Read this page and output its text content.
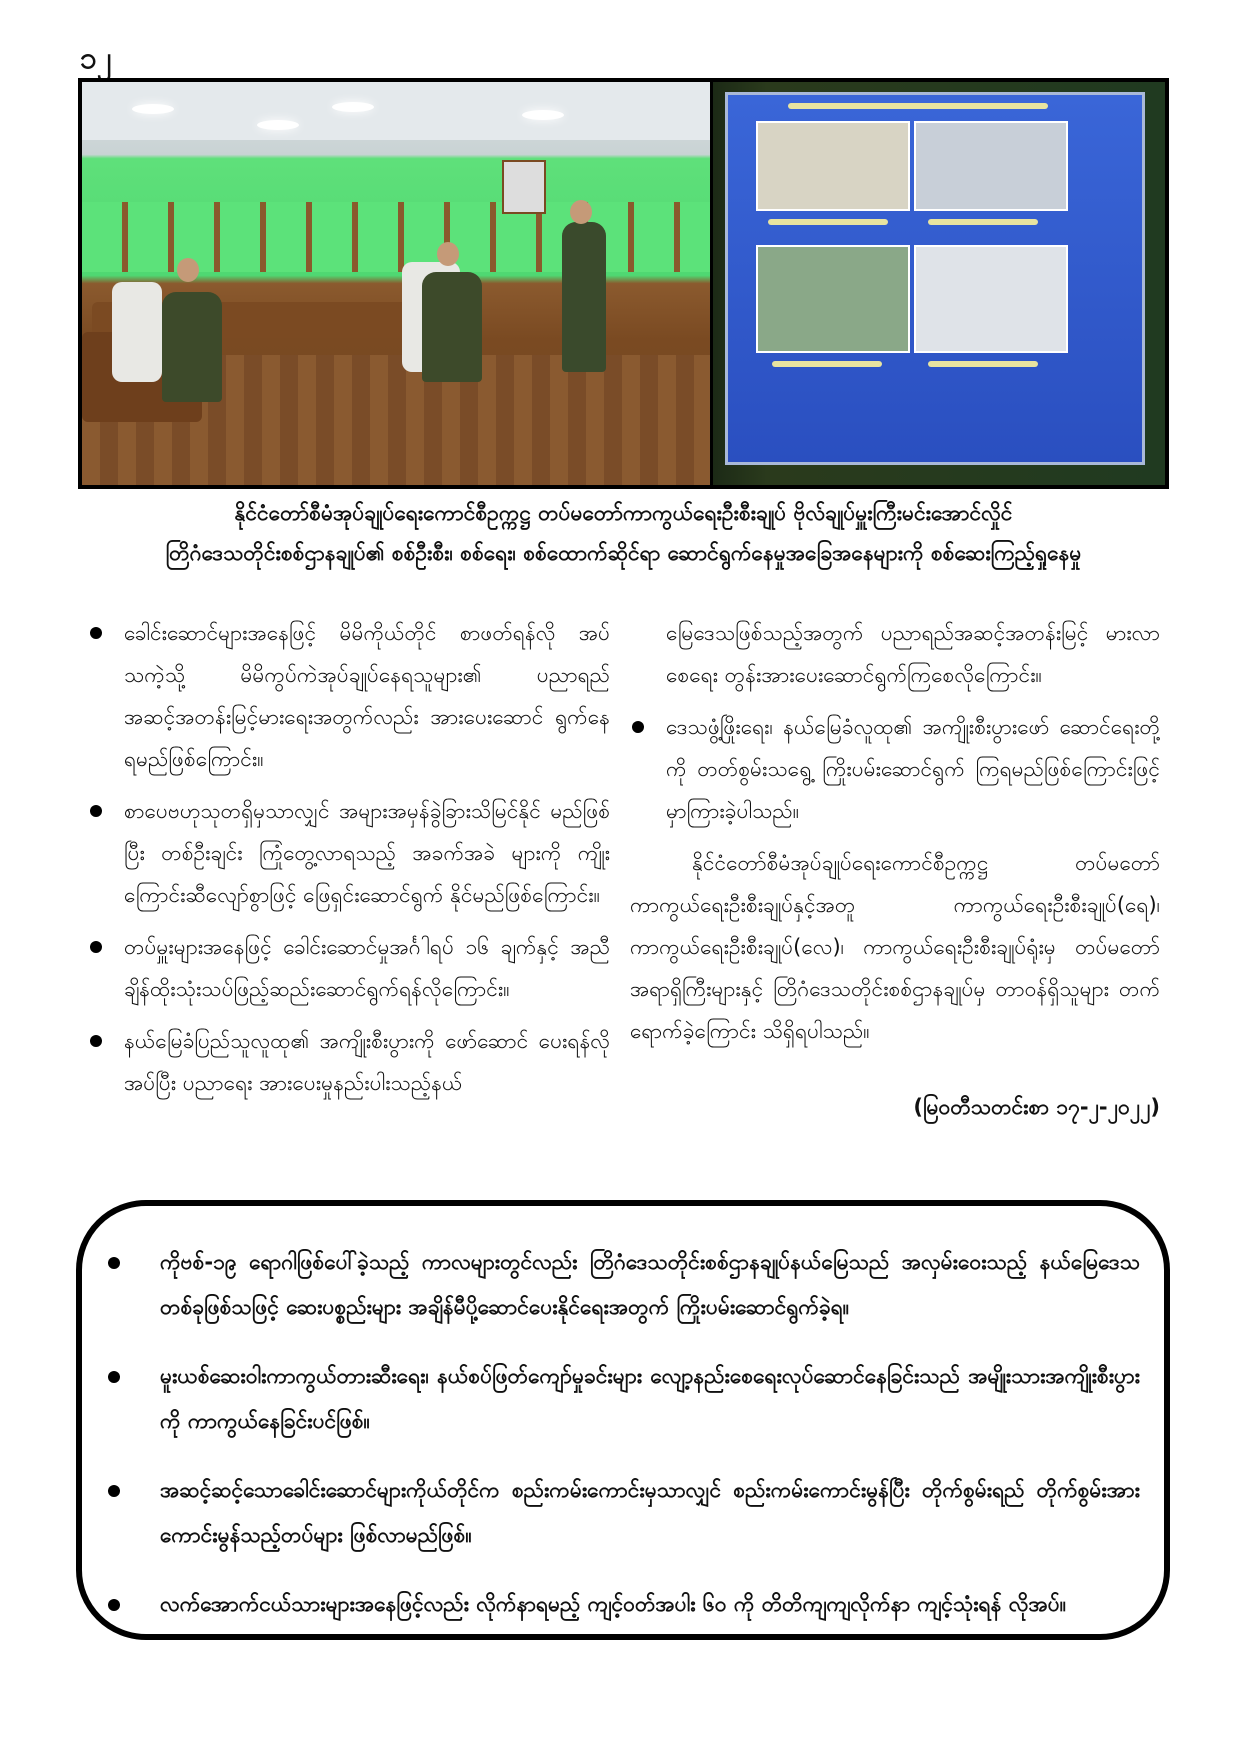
၁၂
နိုင်ငံတော်စီမံအုပ်ချုပ်ရေးကောင်စီဥက္ကဋ္ဌ တပ်မတော်ကာကွယ်ရေးဦးစီးချုပ် ဗိုလ်ချုပ်မှူးကြီးမင်းအောင်လှိုင်
တြိဂံဒေသတိုင်းစစ်ဌာနချုပ်၏ စစ်ဦးစီး၊ စစ်ရေး၊ စစ်ထောက်ဆိုင်ရာ ဆောင်ရွက်နေမှုအခြေအနေများကို စစ်ဆေးကြည့်ရှုနေမှု
ခေါင်းဆောင်များအနေဖြင့် မိမိကိုယ်တိုင် စာဖတ်ရန်လို အပ်သကဲ့သို့ မိမိကွပ်ကဲအုပ်ချုပ်နေရသူများ၏ ပညာရည် အဆင့်အတန်းမြင့်မားရေးအတွက်လည်း အားပေးဆောင် ရွက်နေရမည်ဖြစ်ကြောင်း။
စာပေဗဟုသုတရှိမှသာလျှင် အများအမှန်ခွဲခြားသိမြင်နိုင် မည်ဖြစ်ပြီး တစ်ဦးချင်း ကြုံတွေ့လာရသည့် အခက်အခဲ များကို ကျိုးကြောင်းဆီလျော်စွာဖြင့် ဖြေရှင်းဆောင်ရွက် နိုင်မည်ဖြစ်ကြောင်း။
တပ်မှူးများအနေဖြင့် ခေါင်းဆောင်မှုအင်္ဂါရပ် ၁၆ ချက်နှင့် အညီ ချိန်ထိုးသုံးသပ်ဖြည့်ဆည်းဆောင်ရွက်ရန်လိုကြောင်း။
နယ်မြေခံပြည်သူလူထု၏ အကျိုးစီးပွားကို ဖော်ဆောင် ပေးရန်လိုအပ်ပြီး ပညာရေး အားပေးမှုနည်းပါးသည့်နယ်
မြေဒေသဖြစ်သည့်အတွက် ပညာရည်အဆင့်အတန်းမြင့် မားလာစေရေး တွန်းအားပေးဆောင်ရွက်ကြစေလိုကြောင်း။
ဒေသဖွံ့ဖြိုးရေး၊ နယ်မြေခံလူထု၏ အကျိုးစီးပွားဖော် ဆောင်ရေးတို့ကို တတ်စွမ်းသရွေ့ ကြိုးပမ်းဆောင်ရွက် ကြရမည်ဖြစ်ကြောင်းဖြင့် မှာကြားခဲ့ပါသည်။
နိုင်ငံတော်စီမံအုပ်ချုပ်ရေးကောင်စီဥက္ကဋ္ဌ တပ်မတော် ကာကွယ်ရေးဦးစီးချုပ်နှင့်အတူ ကာကွယ်ရေးဦးစီးချုပ်(ရေ)၊ ကာကွယ်ရေးဦးစီးချုပ်(လေ)၊ ကာကွယ်ရေးဦးစီးချုပ်ရုံးမှ တပ်မတော်အရာရှိကြီးများနှင့် တြိဂံဒေသတိုင်းစစ်ဌာနချုပ်မှ တာဝန်ရှိသူများ တက်ရောက်ခဲ့ကြောင်း သိရှိရပါသည်။
(မြဝတီသတင်းစာ ၁၇-၂-၂၀၂၂)
ကိုဗစ်-၁၉ ရောဂါဖြစ်ပေါ်ခဲ့သည့် ကာလများတွင်လည်း တြိဂံဒေသတိုင်းစစ်ဌာနချုပ်နယ်မြေသည် အလှမ်းဝေးသည့် နယ်မြေဒေသတစ်ခုဖြစ်သဖြင့် ဆေးပစ္စည်းများ အချိန်မီပို့ဆောင်ပေးနိုင်ရေးအတွက် ကြိုးပမ်းဆောင်ရွက်ခဲ့ရ။
မူးယစ်ဆေးဝါးကာကွယ်တားဆီးရေး၊ နယ်စပ်ဖြတ်ကျော်မှုခင်းများ လျော့နည်းစေရေးလုပ်ဆောင်နေခြင်းသည် အမျိုးသားအကျိုးစီးပွားကို ကာကွယ်နေခြင်းပင်ဖြစ်။
အဆင့်ဆင့်သောခေါင်းဆောင်များကိုယ်တိုင်က စည်းကမ်းကောင်းမှသာလျှင် စည်းကမ်းကောင်းမွန်ပြီး တိုက်စွမ်းရည် တိုက်စွမ်းအား ကောင်းမွန်သည့်တပ်များ ဖြစ်လာမည်ဖြစ်။
လက်အောက်ငယ်သားများအနေဖြင့်လည်း လိုက်နာရမည့် ကျင့်ဝတ်အပါး ၆၀ ကို တိတိကျကျလိုက်နာ ကျင့်သုံးရန် လိုအပ်။
